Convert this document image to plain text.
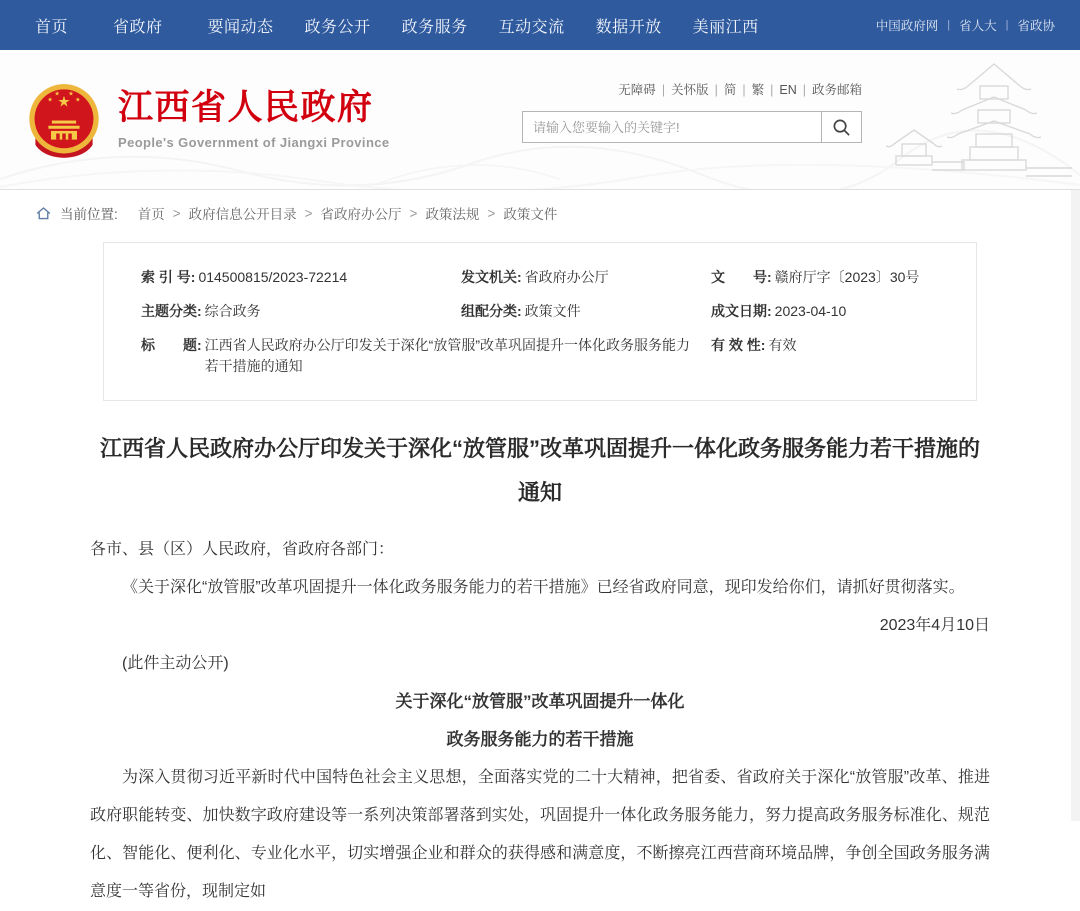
首页	省政府	要闻动态 政务公开 政务服务 互动交流 数据开放 美丽江西	中国政府网 | 省人大 | 省政协
★
★
★ ★
★ 江西省人民政府
People's Government of Jiangxi Province
无障碍 | 关怀版 | 简 | 繁 | EN | 政务邮箱
请输入您要输入的关键字!
当前位置: 首页 > 政府信息公开目录 > 省政府办公厅 > 政策法规 > 政策文件
索 引 号: 014500815/2023-72214	发文机关: 省政府办公厅	文　　号: 赣府厅字〔2023〕30号
主题分类: 综合政务	组配分类: 政策文件	成文日期: 2023-04-10
标　　题: 江西省人民政府办公厅印发关于深化“放管服”改革巩固提升一体化政务服务能力若干措施的通知
有 效 性: 有效
江西省人民政府办公厅印发关于深化“放管服”改革巩固提升一体化政务服务能力若干措施的通知

各市、县（区）人民政府，省政府各部门：

《关于深化“放管服”改革巩固提升一体化政务服务能力的若干措施》已经省政府同意，现印发给你们，请抓好贯彻落实。

2023年4月10日

(此件主动公开)

关于深化“放管服”改革巩固提升一体化

政务服务能力的若干措施

为深入贯彻习近平新时代中国特色社会主义思想，全面落实党的二十大精神，把省委、省政府关于深化“放管服”改革、推进政府职能转变、加快数字政府建设等一系列决策部署落到实处，巩固提升一体化政务服务能力，努力提高政务服务标准化、规范化、智能化、便利化、专业化水平，切实增强企业和群众的获得感和满意度，不断擦亮江西营商环境品牌，争创全国政务服务满意度一等省份，现制定如
